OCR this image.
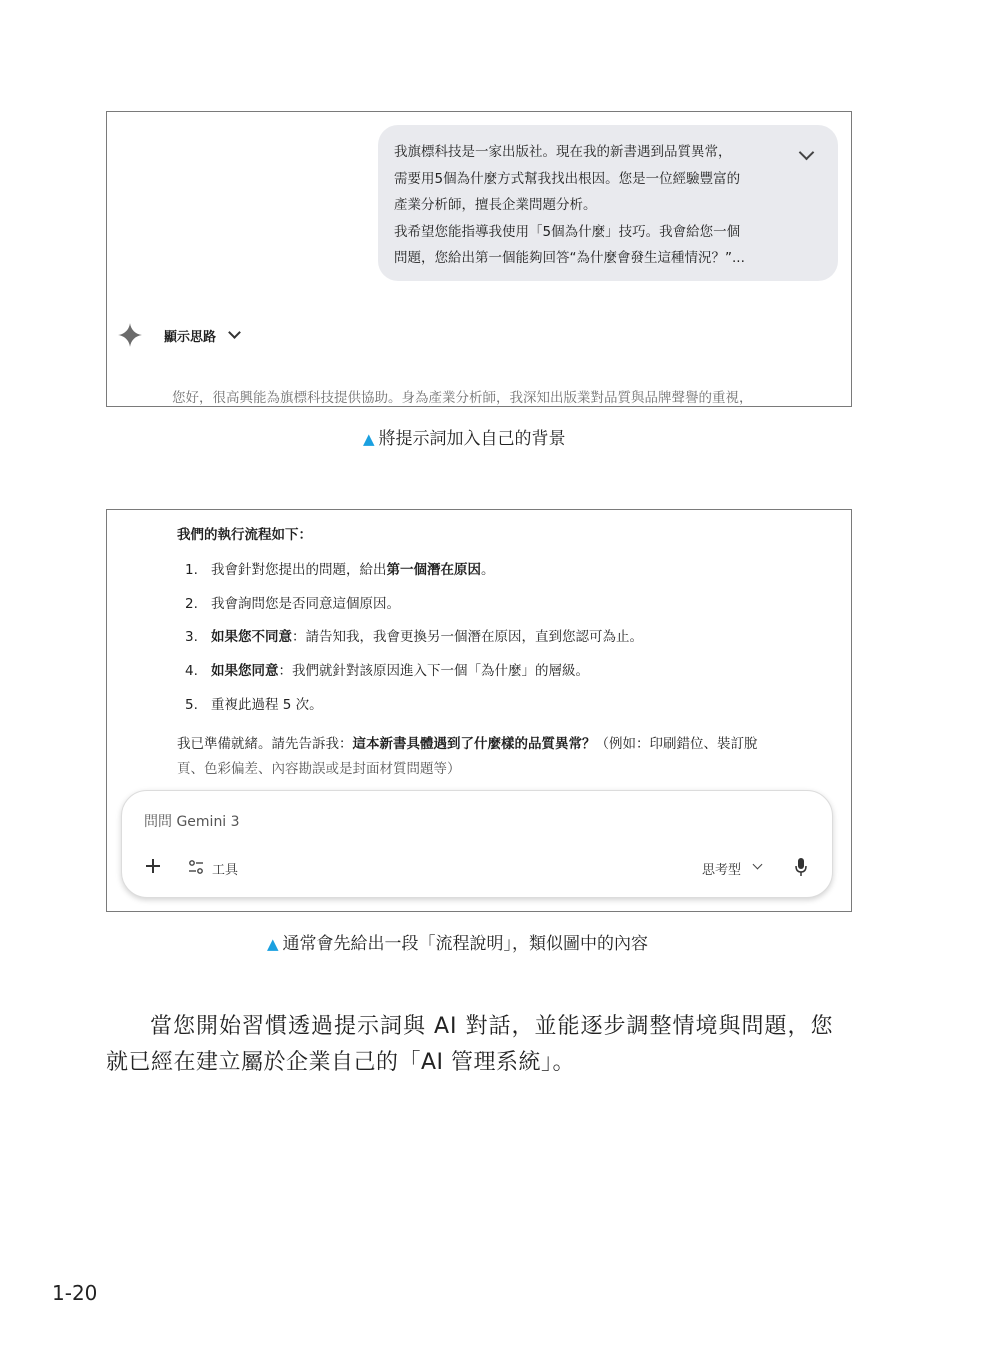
我旗標科技是一家出版社。現在我的新書遇到品質異常，
需要用5個為什麼方式幫我找出根因。您是一位經驗豐富的
產業分析師，擅長企業問題分析。
我希望您能指導我使用「5個為什麼」技巧。我會給您一個
問題，您給出第一個能夠回答“為什麼會發生這種情況？”...
顯示思路
您好，很高興能為旗標科技提供協助。身為產業分析師，我深知出版業對品質與品牌聲譽的重視，
▲ 將提示詞加入自己的背景
我們的執行流程如下：
1. 我會針對您提出的問題，給出第一個潛在原因。
2. 我會詢問您是否同意這個原因。
3. 如果您不同意：請告知我，我會更換另一個潛在原因，直到您認可為止。
4. 如果您同意：我們就針對該原因進入下一個「為什麼」的層級。
5. 重複此過程 5 次。
我已準備就緒。請先告訴我：這本新書具體遇到了什麼樣的品質異常？（例如：印刷錯位、裝訂脫
頁、色彩偏差、內容勘誤或是封面材質問題等）
問問 Gemini 3
工具	思考型
▲ 通常會先給出一段「流程說明」，類似圖中的內容
當您開始習慣透過提示詞與 AI 對話，並能逐步調整情境與問題，您
就已經在建立屬於企業自己的「AI 管理系統」。
1-20
